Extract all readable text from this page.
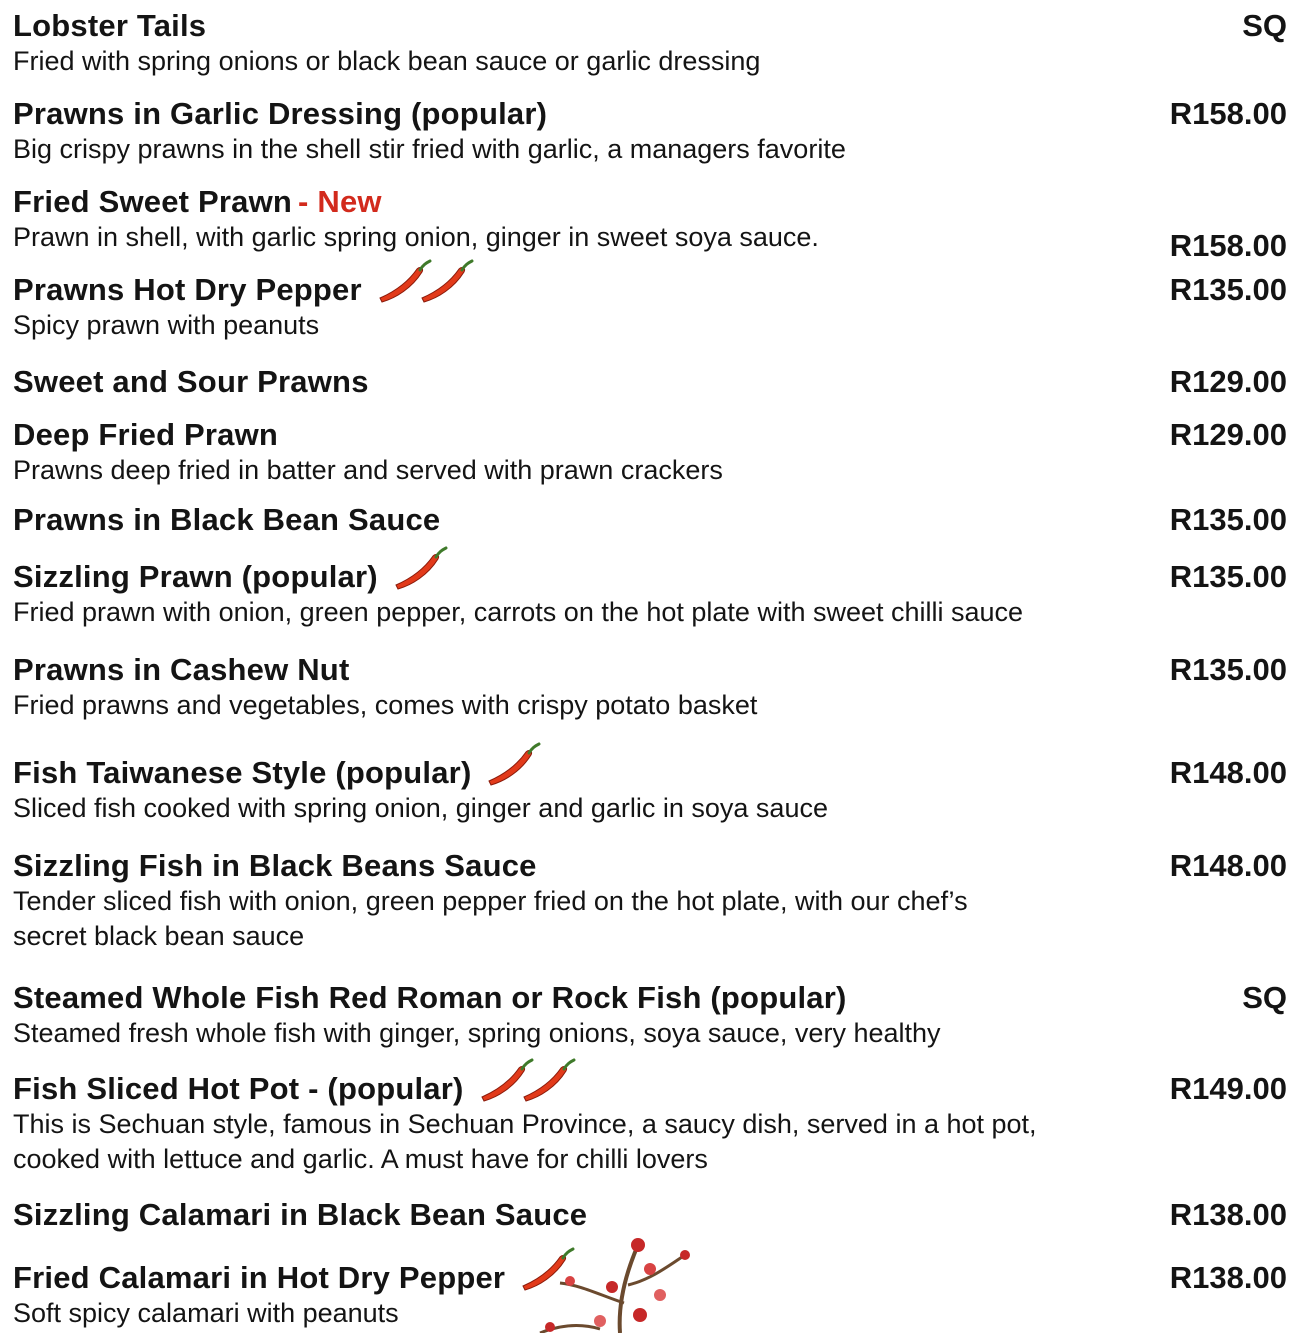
Lobster Tails
Fried with spring onions or black bean sauce or garlic dressing
SQ
Prawns in Garlic Dressing (popular)
Big crispy prawns in the shell stir fried with garlic, a managers favorite
R158.00
Fried Sweet Prawn - New
Prawn in shell, with garlic spring onion, ginger in sweet soya sauce.	R158.00
Prawns Hot Dry Pepper
Spicy prawn with peanuts
R135.00
Sweet and Sour Prawns	R129.00
Deep Fried Prawn
Prawns deep fried in batter and served with prawn crackers
R129.00
Prawns in Black Bean Sauce	R135.00
Sizzling Prawn (popular)
Fried prawn with onion, green pepper, carrots on the hot plate with sweet chilli sauce
R135.00
Prawns in Cashew Nut
Fried prawns and vegetables, comes with crispy potato basket
R135.00
Fish Taiwanese Style (popular)
Sliced fish cooked with spring onion, ginger and garlic in soya sauce
R148.00
Sizzling Fish in Black Beans Sauce
Tender sliced fish with onion, green pepper fried on the hot plate, with our chef’s
secret black bean sauce
R148.00
Steamed Whole Fish Red Roman or Rock Fish (popular)
Steamed fresh whole fish with ginger, spring onions, soya sauce, very healthy
SQ
Fish Sliced Hot Pot - (popular)
This is Sechuan style, famous in Sechuan Province, a saucy dish, served in a hot pot,
cooked with lettuce and garlic. A must have for chilli lovers
R149.00
Sizzling Calamari in Black Bean Sauce	R138.00
Fried Calamari in Hot Dry Pepper
Soft spicy calamari with peanuts
R138.00
